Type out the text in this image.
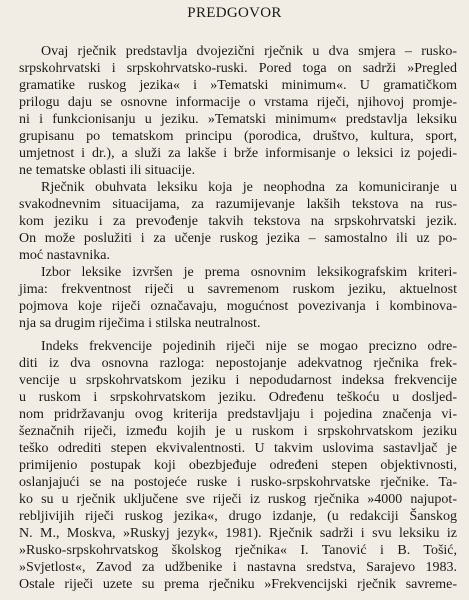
PREDGOVOR
Ovaj rječnik predstavlja dvojezični rječnik u dva smjera – rusko-
srpskohrvatski i srpskohrvatsko-ruski. Pored toga on sadrži »Pregled
gramatike ruskog jezika« i »Tematski minimum«. U gramatičkom
prilogu daju se osnovne informacije o vrstama riječi, njihovoj promje-
ni i funkcionisanju u jeziku. »Tematski minimum« predstavlja leksiku
grupisanu po tematskom principu (porodica, društvo, kultura, sport,
umjetnost i dr.), a služi za lakše i brže informisanje o leksici iz pojedi-
ne tematske oblasti ili situacije.
Rječnik obuhvata leksiku koja je neophodna za komuniciranje u
svakodnevnim situacijama, za razumijevanje lakših tekstova na rus-
kom jeziku i za prevođenje takvih tekstova na srpskohrvatski jezik.
On može poslužiti i za učenje ruskog jezika – samostalno ili uz po-
moć nastavnika.
Izbor leksike izvršen je prema osnovnim leksikografskim kriteri-
jima: frekventnost riječi u savremenom ruskom jeziku, aktuelnost
pojmova koje riječi označavaju, mogućnost povezivanja i kombinova-
nja sa drugim riječima i stilska neutralnost.
Indeks frekvencije pojedinih riječi nije se mogao precizno odre-
diti iz dva osnovna razloga: nepostojanje adekvatnog rječnika frek-
vencije u srpskohrvatskom jeziku i nepodudarnost indeksa frekvencije
u ruskom i srpskohrvatskom jeziku. Određenu teškoću u dosljed-
nom pridržavanju ovog kriterija predstavljaju i pojedina značenja vi-
šeznačnih riječi, između kojih je u ruskom i srpskohrvatskom jeziku
teško odrediti stepen ekvivalentnosti. U takvim uslovima sastavljač je
primijenio postupak koji obezbjeđuje određeni stepen objektivnosti,
oslanjajući se na postojeće ruske i rusko-srpskohrvatske rječnike. Ta-
ko su u rječnik uključene sve riječi iz ruskog rječnika »4000 najupot-
rebljivijih riječi ruskog jezika«, drugo izdanje, (u redakciji Šanskog
N. M., Moskva, »Ruskyj jezyk«, 1981). Rječnik sadrži i svu leksiku iz
»Rusko-srpskohrvatskog školskog rječnika« I. Tanović i B. Tošić,
»Svjetlost«, Zavod za udžbenike i nastavna sredstva, Sarajevo 1983.
Ostale riječi uzete su prema rječniku »Frekvencijski rječnik savreme-
